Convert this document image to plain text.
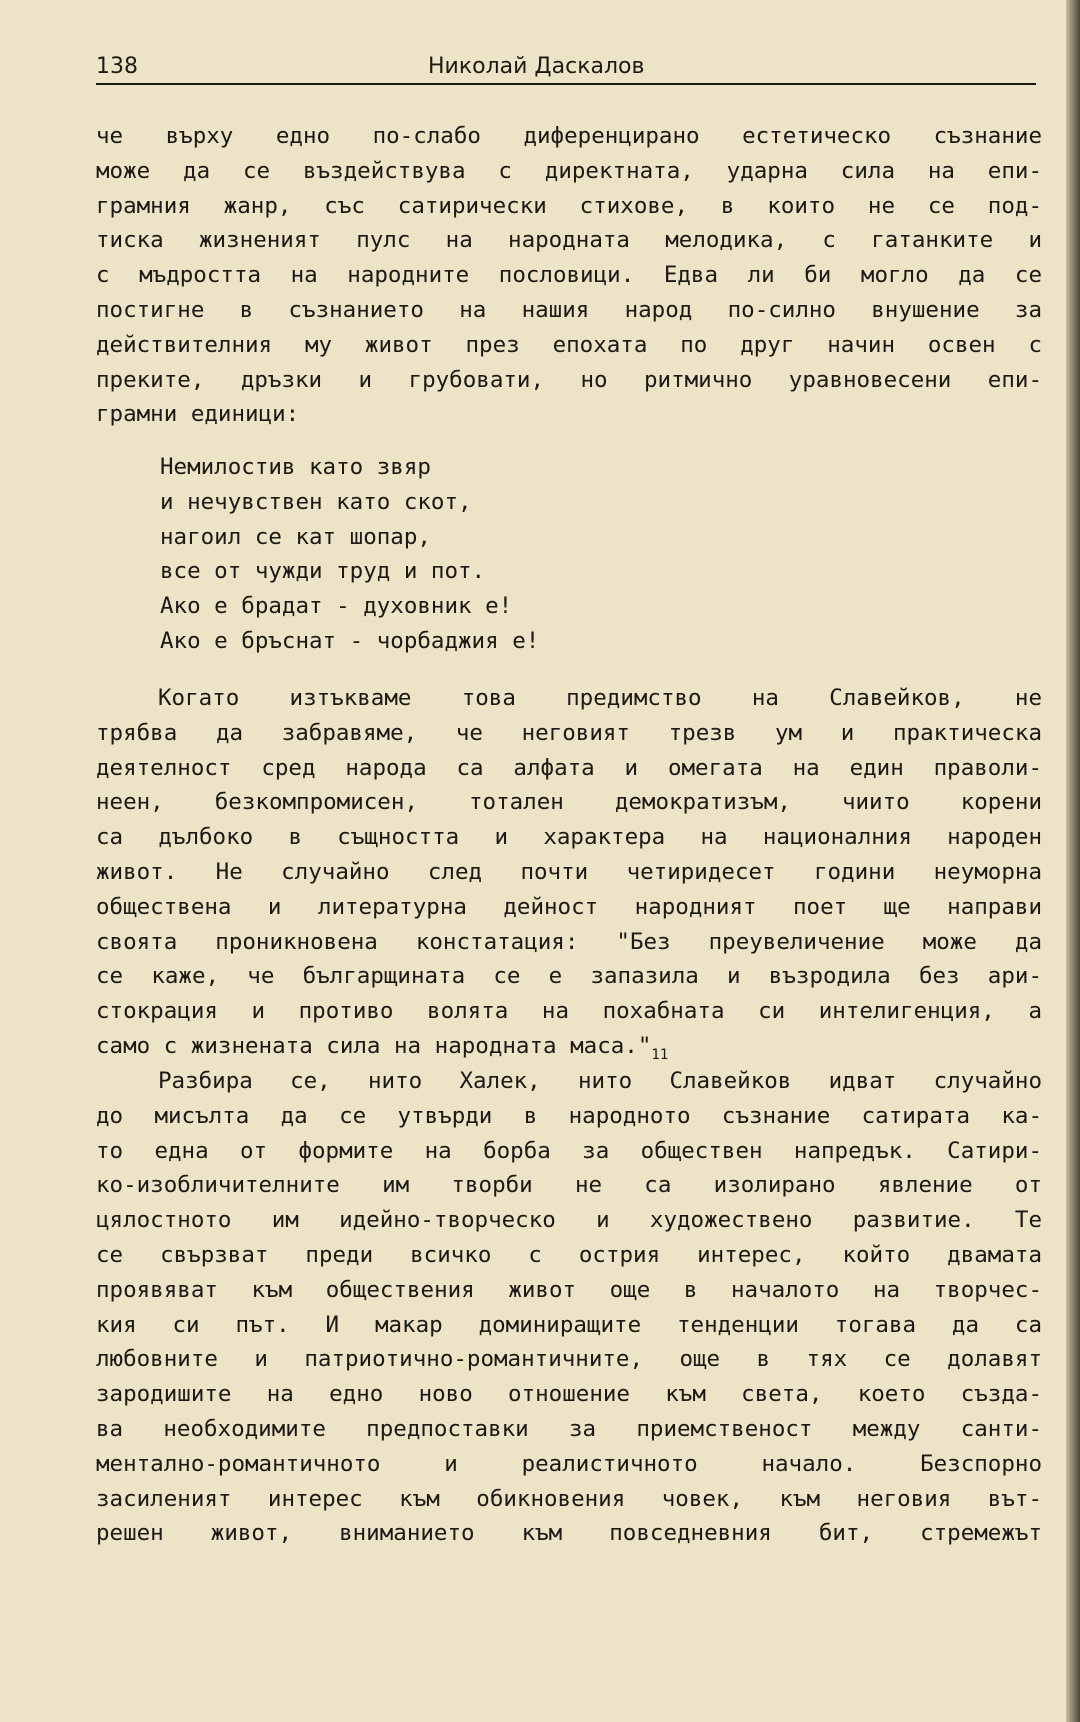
138	Николай Даскалов
че върху едно по-слабо диференцирано естетическо съзнание
може да се въздействува с директната, ударна сила на епи-
грамния жанр, със сатирически стихове, в които не се под-
тиска жизненият пулс на народната мелодика, с гатанките и
с мъдростта на народните пословици. Едва ли би могло да се
постигне в съзнанието на нашия народ по-силно внушение за
действителния му живот през епохата по друг начин освен с
преките, дръзки и грубовати, но ритмично уравновесени епи-
грамни единици:
Немилостив като звяр
и нечувствен като скот,
нагоил се кат шопар,
все от чужди труд и пот.
Ако е брадат - духовник е!
Ако е бръснат - чорбаджия е!
Когато изтъкваме това предимство на Славейков, не
трябва да забравяме, че неговият трезв ум и практическа
деятелност сред народа са алфата и омегата на един праволи-
неен, безкомпромисен, тотален демократизъм, чиито корени
са дълбоко в същността и характера на националния народен
живот. Не случайно след почти четиридесет години неуморна
обществена и литературна дейност народният поет ще направи
своята проникновена констатация: "Без преувеличение може да
се каже, че българщината се е запазила и възродила без ари-
стокрация и противо волята на похабната си интелигенция, а
само с жизнената сила на народната $маса."_{11}$
Разбира се, нито Халек, нито Славейков идват случайно
до мисълта да се утвърди в народното съзнание сатирата ка-
то една от формите на борба за обществен напредък. Сатири-
ко-изобличителните им творби не са изолирано явление от
цялостното им идейно-творческо и художествено развитие. Те
се свързват преди всичко с острия интерес, който двамата
проявяват към обществения живот още в началото на творчес-
кия си път. И макар доминиращите тенденции тогава да са
любовните и патриотично-романтичните, още в тях се долавят
зародишите на едно ново отношение към света, което създа-
ва необходимите предпоставки за приемственост между санти-
ментално-романтичното и реалистичното начало. Безспорно
засиленият интерес към обикновения човек, към неговия вът-
решен живот, вниманието към повседневния бит, стремежът
